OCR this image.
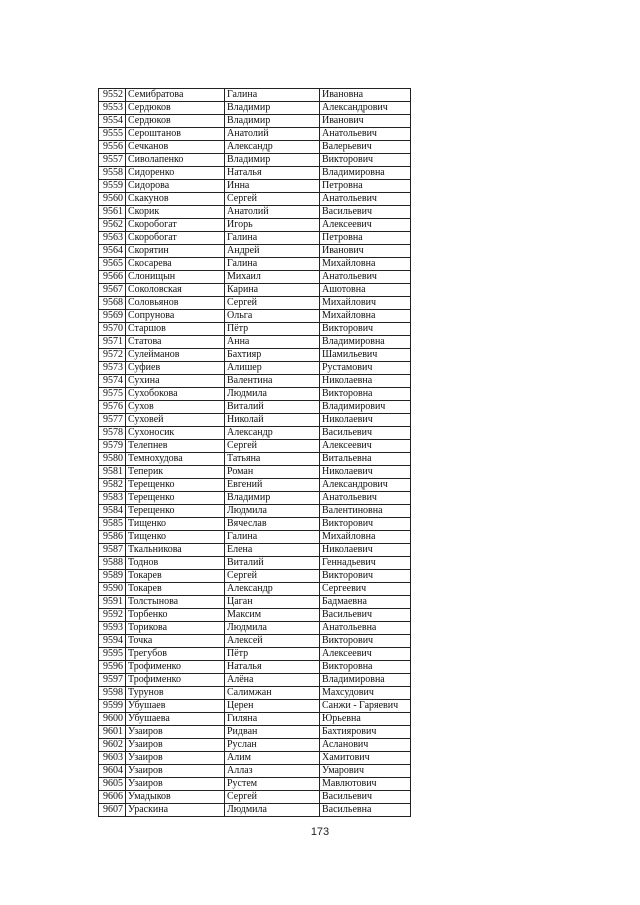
9552	Семибратова	Галина	Ивановна
9553	Сердюков	Владимир	Александрович
9554	Сердюков	Владимир	Иванович
9555	Сероштанов	Анатолий	Анатольевич
9556	Сечканов	Александр	Валерьевич
9557	Сиволапенко	Владимир	Викторович
9558	Сидоренко	Наталья	Владимировна
9559	Сидорова	Инна	Петровна
9560	Скакунов	Сергей	Анатольевич
9561	Скорик	Анатолий	Васильевич
9562	Скоробогат	Игорь	Алексеевич
9563	Скоробогат	Галина	Петровна
9564	Скорятин	Андрей	Иванович
9565	Скосарева	Галина	Михайловна
9566	Слонищын	Михаил	Анатольевич
9567	Соколовская	Карина	Ашотовна
9568	Соловьянов	Сергей	Михайлович
9569	Сопрунова	Ольга	Михайловна
9570	Старшов	Пётр	Викторович
9571	Статова	Анна	Владимировна
9572	Сулейманов	Бахтияр	Шамильевич
9573	Суфиев	Алишер	Рустамович
9574	Сухина	Валентина	Николаевна
9575	Сухобокова	Людмила	Викторовна
9576	Сухов	Виталий	Владимирович
9577	Суховей	Николай	Николаевич
9578	Сухоносик	Александр	Васильевич
9579	Телепнев	Сергей	Алексеевич
9580	Темнохудова	Татьяна	Витальевна
9581	Теперик	Роман	Николаевич
9582	Терещенко	Евгений	Александрович
9583	Терещенко	Владимир	Анатольевич
9584	Терещенко	Людмила	Валентиновна
9585	Тищенко	Вячеслав	Викторович
9586	Тищенко	Галина	Михайловна
9587	Ткальникова	Елена	Николаевич
9588	Тоднов	Виталий	Геннадьевич
9589	Токарев	Сергей	Викторович
9590	Токарев	Александр	Сергеевич
9591	Толстынова	Цаган	Бадмаевна
9592	Торбенко	Максим	Васильевич
9593	Торикова	Людмила	Анатольевна
9594	Точка	Алексей	Викторович
9595	Трегубов	Пётр	Алексеевич
9596	Трофименко	Наталья	Викторовна
9597	Трофименко	Алёна	Владимировна
9598	Турунов	Салимжан	Махсудович
9599	Убушаев	Церен	Санжи - Гаряевич
9600	Убушаева	Гиляна	Юрьевна
9601	Узаиров	Ридван	Бахтиярович
9602	Узаиров	Руслан	Асланович
9603	Узаиров	Алим	Хамитович
9604	Узаиров	Аллаз	Умарович
9605	Узаиров	Рустем	Мавлютович
9606	Умадыков	Сергей	Васильевич
9607	Ураскина	Людмила	Васильевна
173
